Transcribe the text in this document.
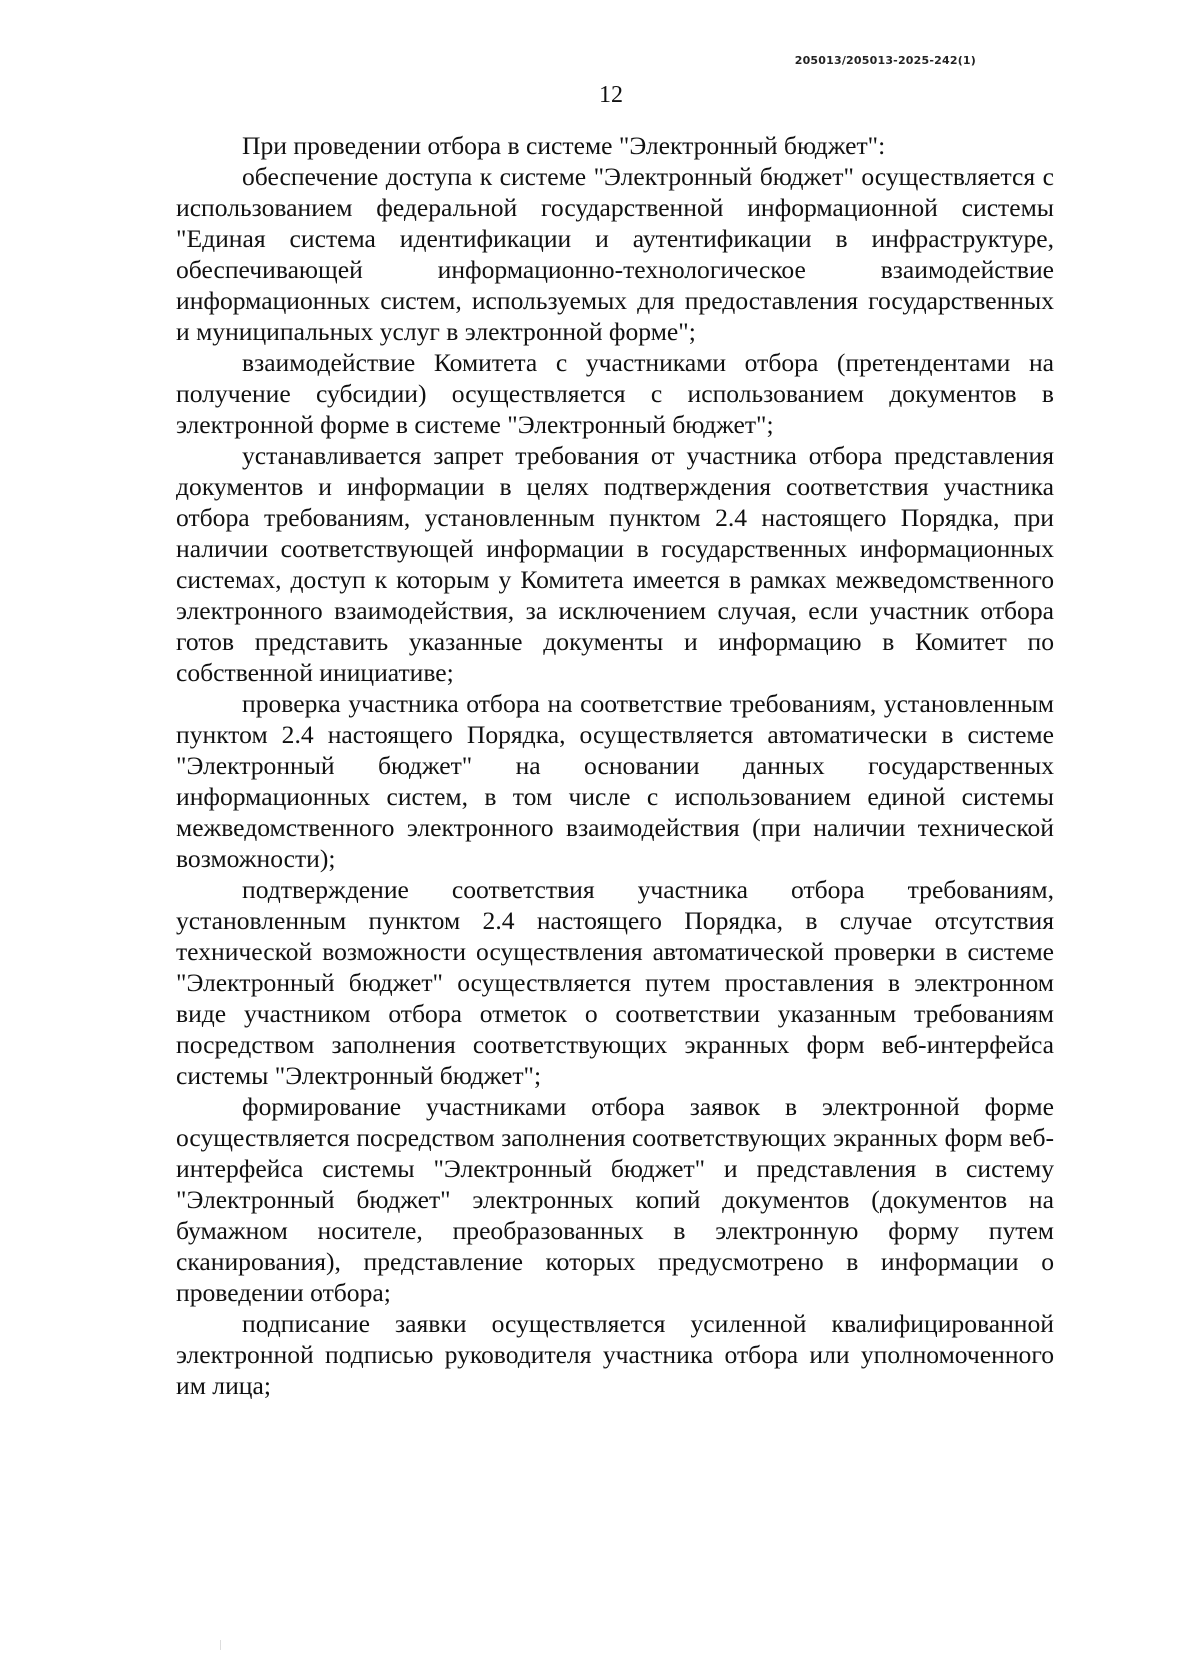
205013/205013-2025-242(1)
12

При проведении отбора в системе "Электронный бюджет":

обеспечение доступа к системе "Электронный бюджет" осуществляется с использованием федеральной государственной информационной системы "Единая система идентификации и аутентификации в инфраструктуре, обеспечивающей информационно-технологическое взаимодействие информационных систем, используемых для предоставления государственных и муниципальных услуг в электронной форме";

взаимодействие Комитета с участниками отбора (претендентами на получение субсидии) осуществляется с использованием документов в электронной форме в системе "Электронный бюджет";

устанавливается запрет требования от участника отбора представления документов и информации в целях подтверждения соответствия участника отбора требованиям, установленным пунктом 2.4 настоящего Порядка, при наличии соответствующей информации в государственных информационных системах, доступ к которым у Комитета имеется в рамках межведомственного электронного взаимодействия, за исключением случая, если участник отбора готов представить указанные документы и информацию в Комитет по собственной инициативе;

проверка участника отбора на соответствие требованиям, установленным пунктом 2.4 настоящего Порядка, осуществляется автоматически в системе "Электронный бюджет" на основании данных государственных информационных систем, в том числе с использованием единой системы межведомственного электронного взаимодействия (при наличии технической возможности);

подтверждение соответствия участника отбора требованиям, установленным пунктом 2.4 настоящего Порядка, в случае отсутствия технической возможности осуществления автоматической проверки в системе "Электронный бюджет" осуществляется путем проставления в электронном виде участником отбора отметок о соответствии указанным требованиям посредством заполнения соответствующих экранных форм веб-интерфейса системы "Электронный бюджет";

формирование участниками отбора заявок в электронной форме осуществляется посредством заполнения соответствующих экранных форм веб-интерфейса системы "Электронный бюджет" и представления в систему "Электронный бюджет" электронных копий документов (документов на бумажном носителе, преобразованных в электронную форму путем сканирования), представление которых предусмотрено в информации о проведении отбора;

подписание заявки осуществляется усиленной квалифицированной электронной подписью руководителя участника отбора или уполномоченного им лица;
